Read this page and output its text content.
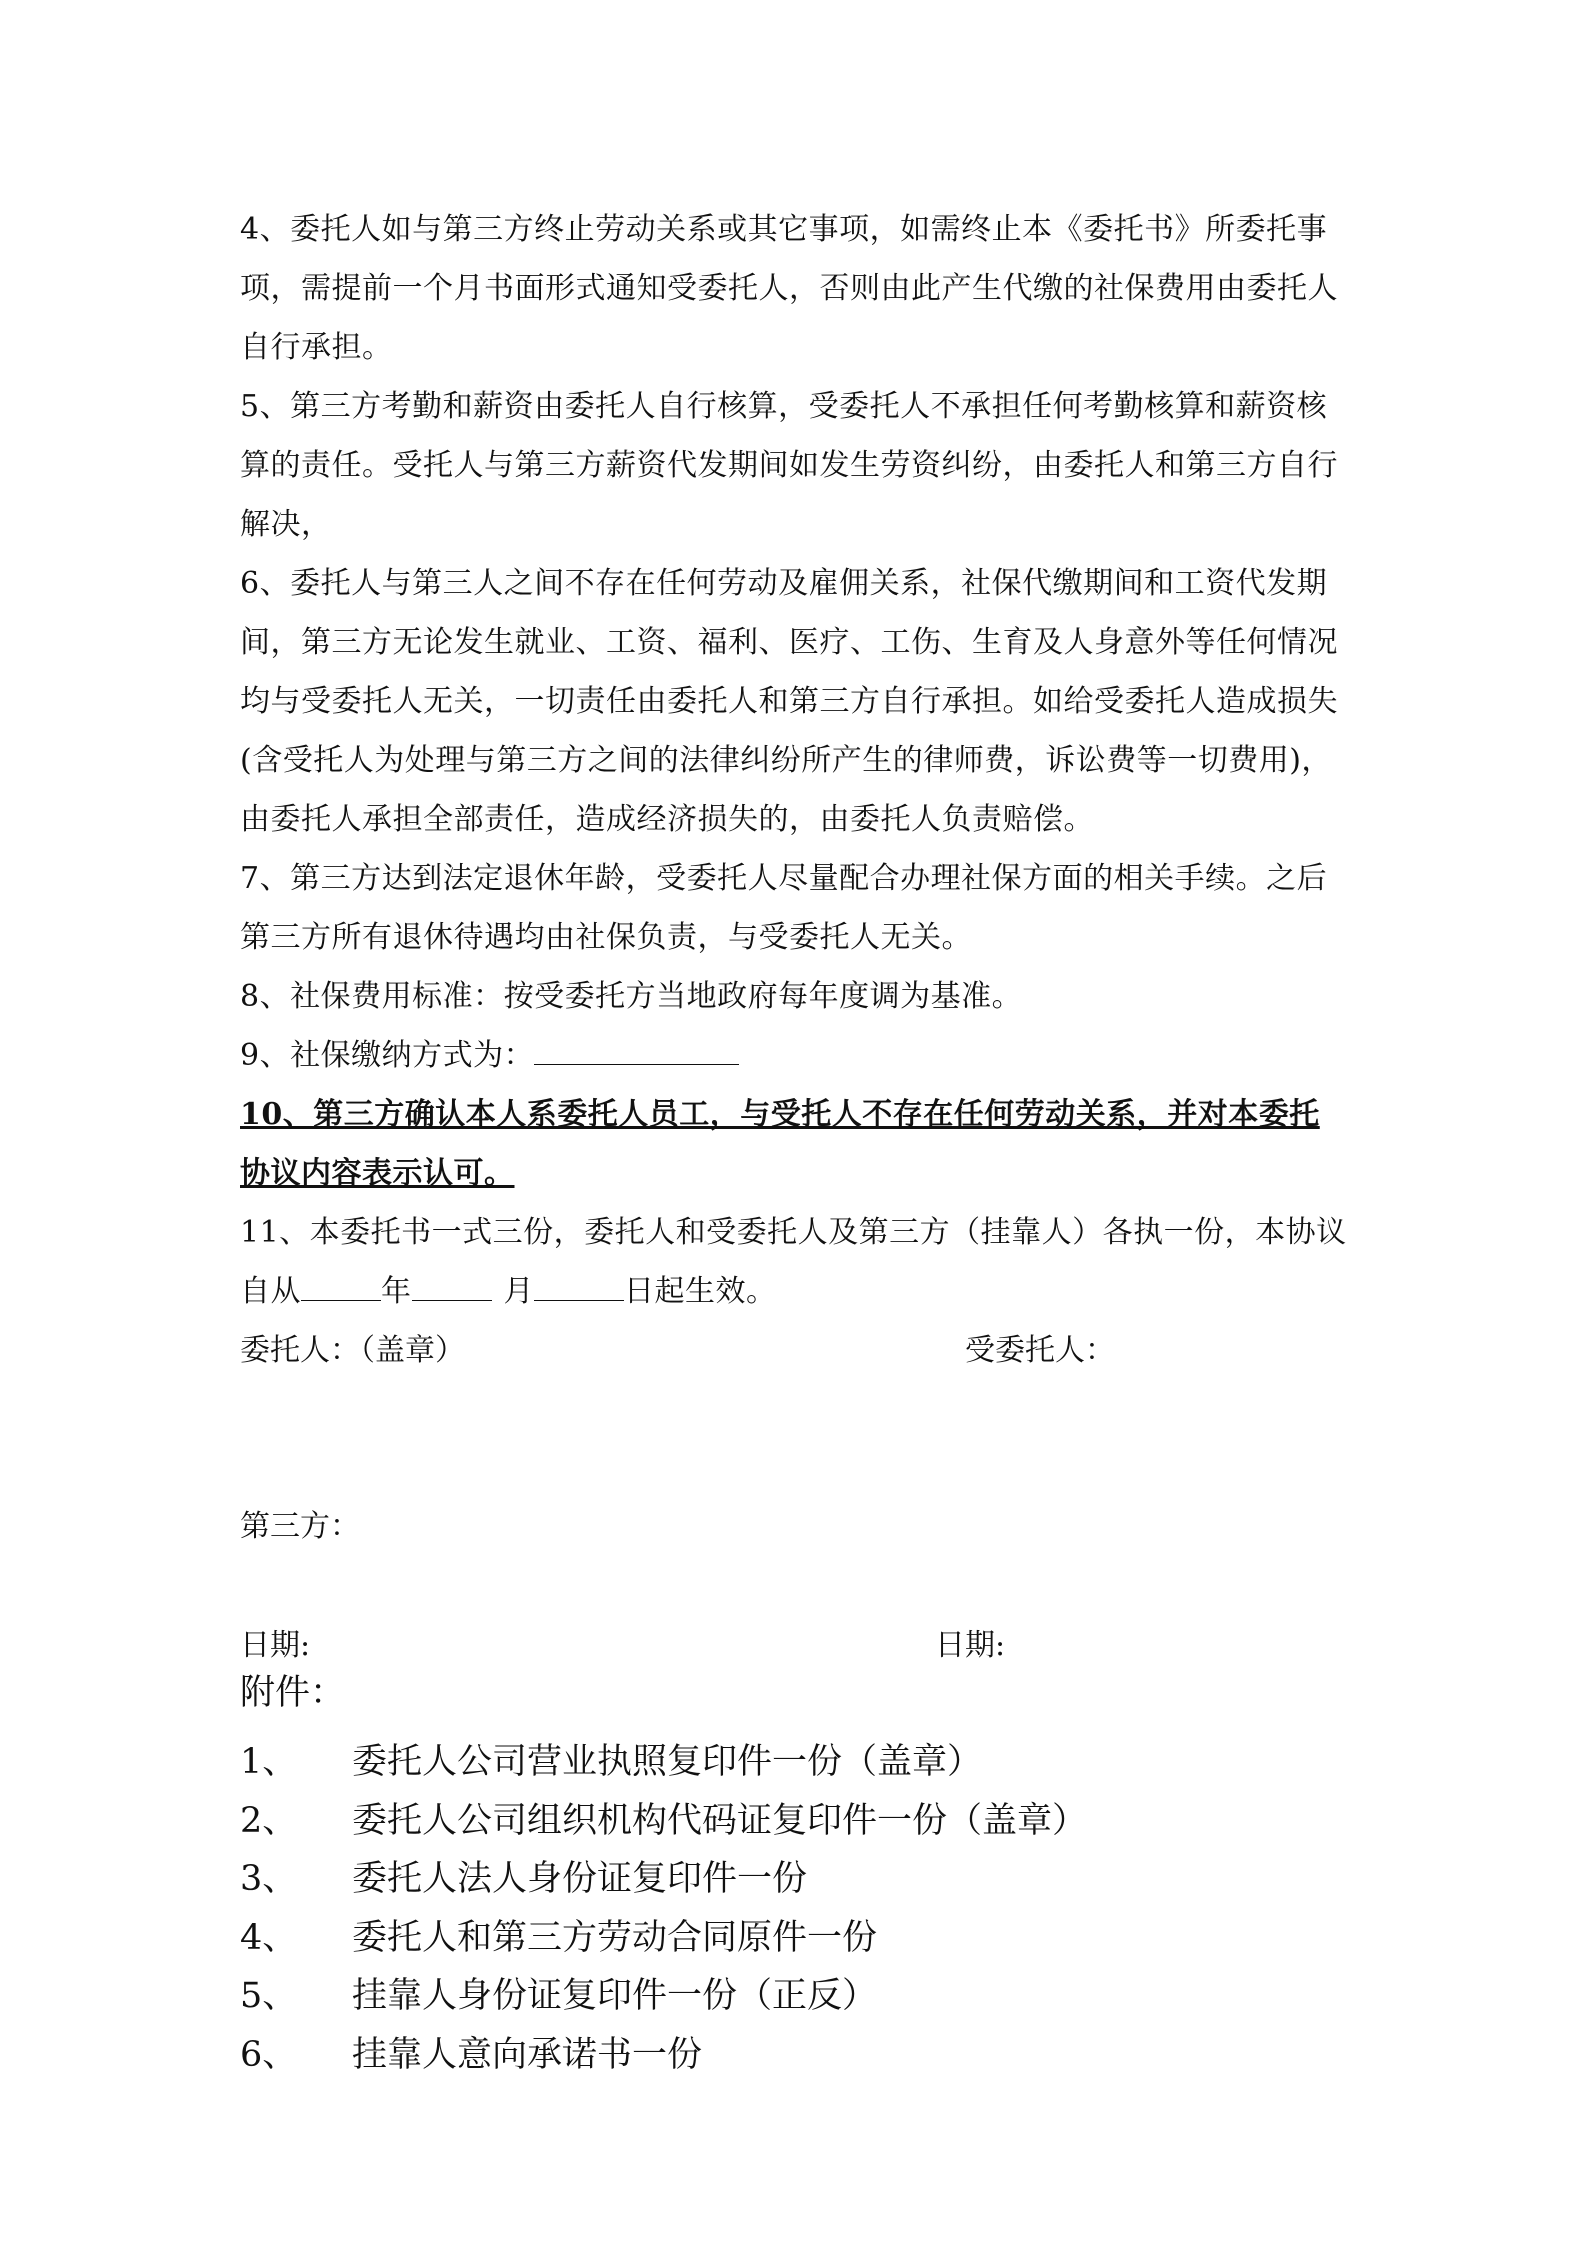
4、委托人如与第三方终止劳动关系或其它事项，如需终止本《委托书》所委托事项，需提前一个月书面形式通知受委托人，否则由此产生代缴的社保费用由委托人自行承担。

5、第三方考勤和薪资由委托人自行核算，受委托人不承担任何考勤核算和薪资核算的责任。受托人与第三方薪资代发期间如发生劳资纠纷，由委托人和第三方自行解决，

6、委托人与第三人之间不存在任何劳动及雇佣关系，社保代缴期间和工资代发期间，第三方无论发生就业、工资、福利、医疗、工伤、生育及人身意外等任何情况均与受委托人无关，一切责任由委托人和第三方自行承担。如给受委托人造成损失(含受托人为处理与第三方之间的法律纠纷所产生的律师费，诉讼费等一切费用)，由委托人承担全部责任，造成经济损失的，由委托人负责赔偿。

7、第三方达到法定退休年龄，受委托人尽量配合办理社保方面的相关手续。之后第三方所有退休待遇均由社保负责，与受委托人无关。

8、社保费用标准：按受委托方当地政府每年度调为基准。

9、社保缴纳方式为：

10、第三方确认本人系委托人员工，与受托人不存在任何劳动关系，并对本委托协议内容表示认可。

11、本委托书一式三份，委托人和受委托人及第三方（挂靠人）各执一份，本协议自从	年	月	日起生效。

委托人：（盖章）	受委托人：

第三方：

日期:	日期:

附件：

1、 委托人公司营业执照复印件一份（盖章）
2、 委托人公司组织机构代码证复印件一份（盖章）
3、 委托人法人身份证复印件一份
4、 委托人和第三方劳动合同原件一份
5、 挂靠人身份证复印件一份（正反）
6、 挂靠人意向承诺书一份
